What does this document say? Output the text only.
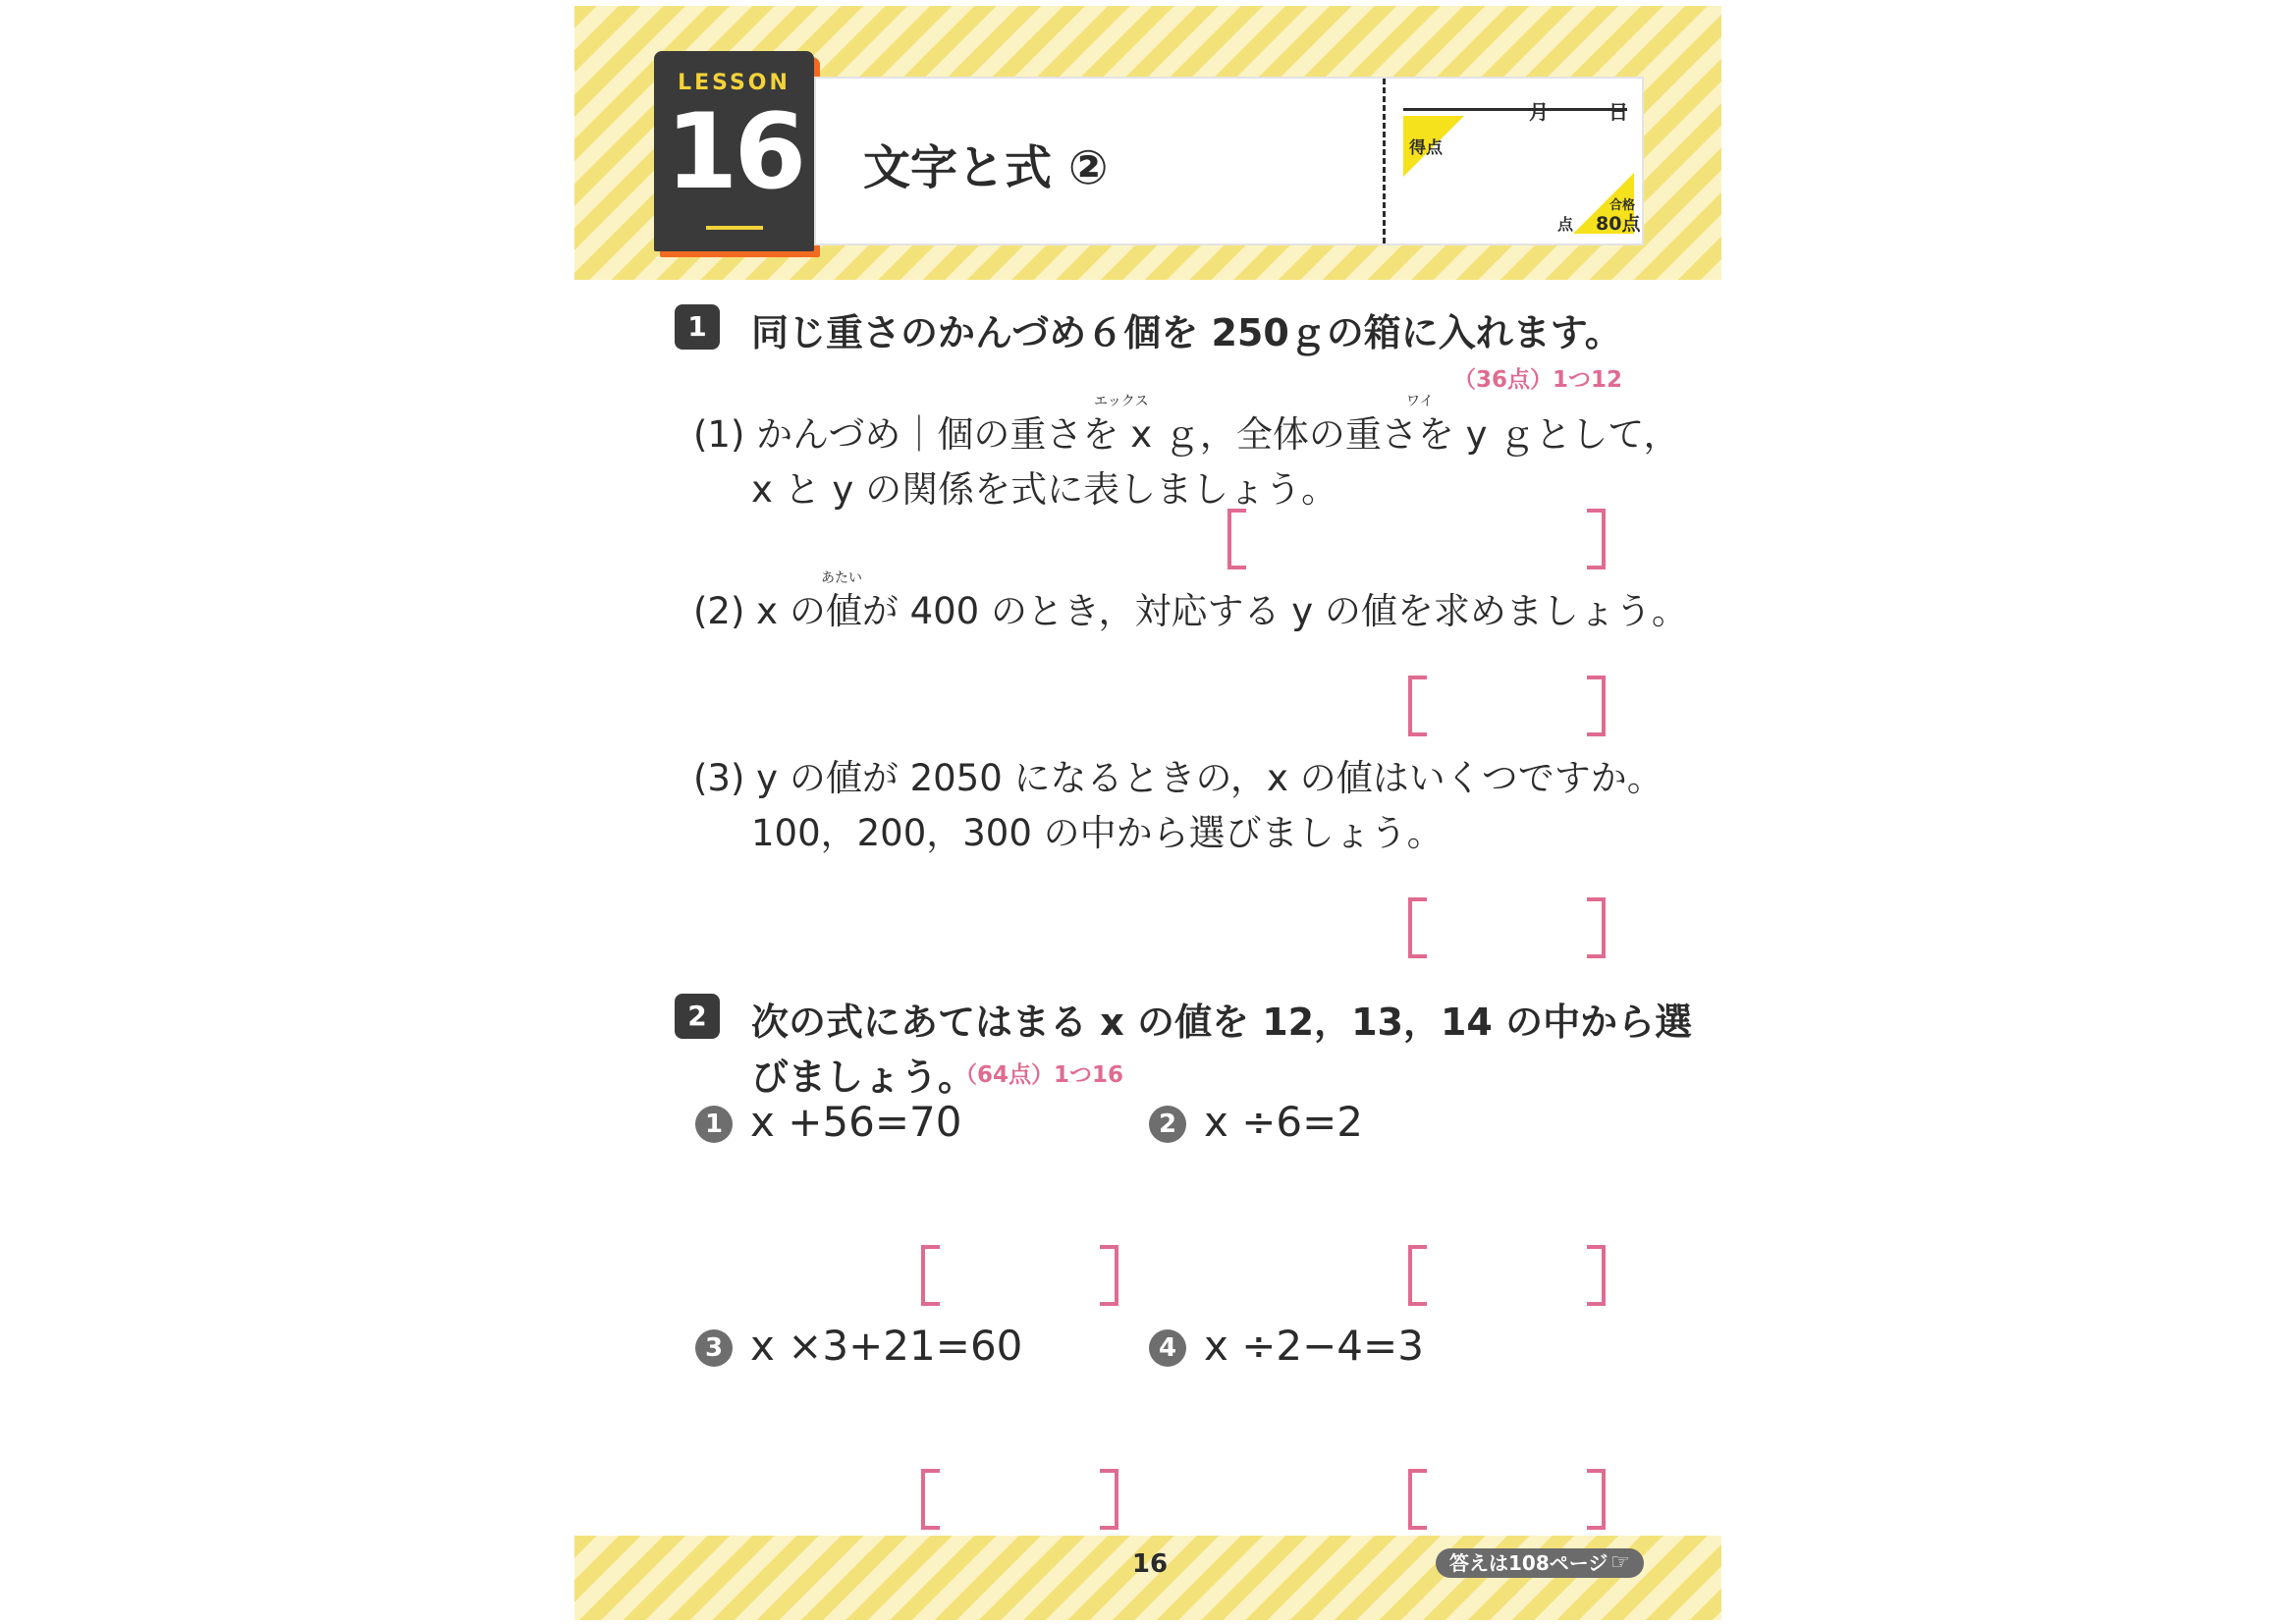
LESSON
16 文字と式 ②
月	日
得点
点
合格
80点
1	同じ重さのかんづめ６個を 250ｇの箱に入れます。
（36点）1つ12
エックス	ワイ
(1) かんづめ｜個の重さを x ｇ，全体の重さを y ｇとして，
x と y の関係を式に表しましょう。
あたい
(2) x の値が 400 のとき，対応する y の値を求めましょう。
(3) y の値が 2050 になるときの，x の値はいくつですか。
100，200，300 の中から選びましょう。
2	次の式にあてはまる x の値を 12，13，14 の中から選
びましょう。
（64点）1つ16
1 x +56=70	2 x ÷6=2
3 x ×3+21=60	4 x ÷2−4=3
16	答えは108ページ ☞
